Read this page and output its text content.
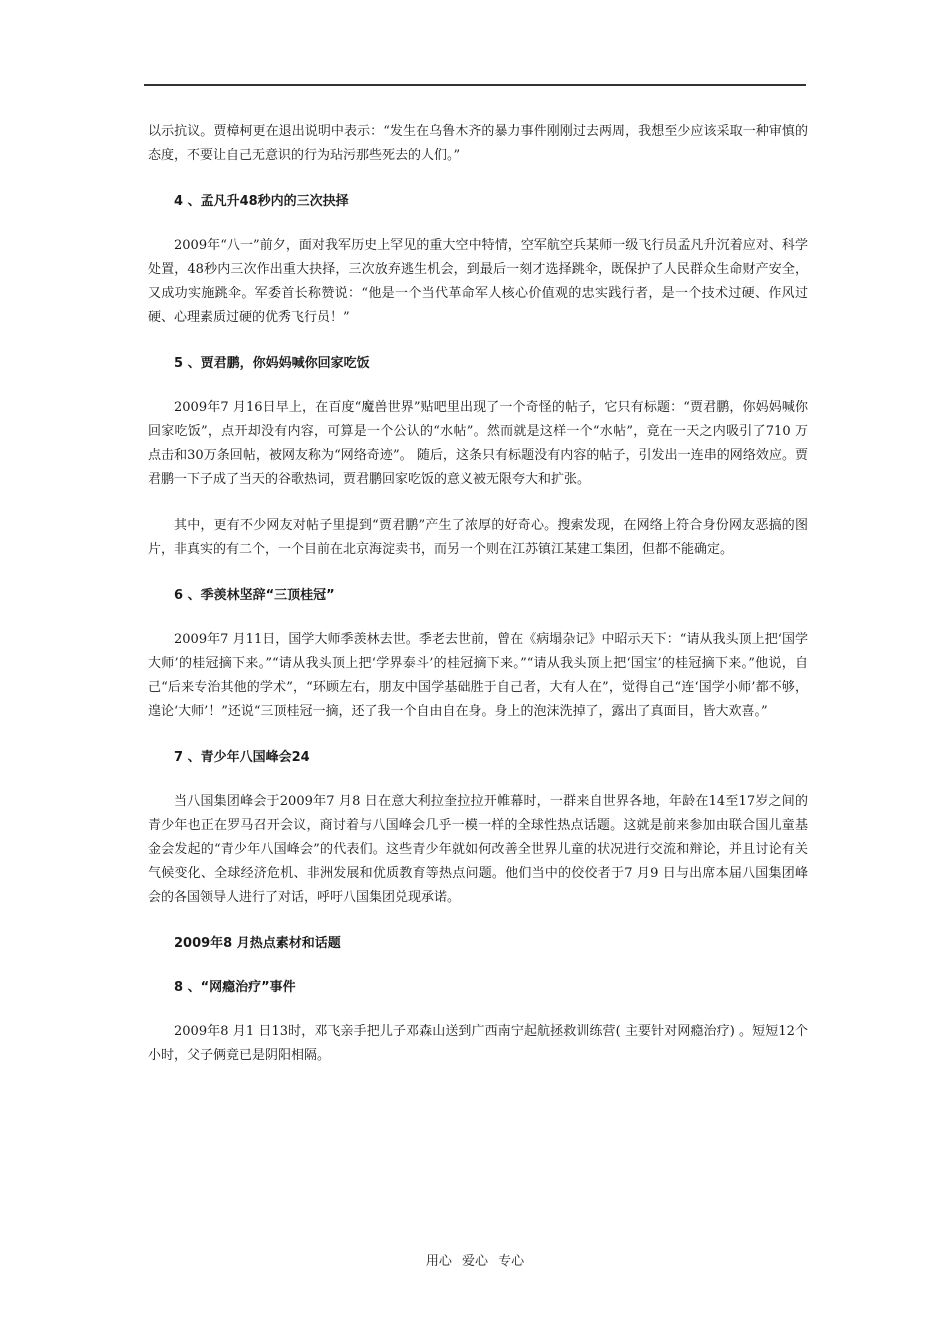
以示抗议。贾樟柯更在退出说明中表示：“发生在乌鲁木齐的暴力事件刚刚过去两周，我想至少应该采取一种审慎的态度，不要让自己无意识的行为玷污那些死去的人们。”

4 、孟凡升48秒内的三次抉择

2009年“八一”前夕，面对我军历史上罕见的重大空中特情，空军航空兵某师一级飞行员孟凡升沉着应对、科学处置，48秒内三次作出重大抉择，三次放弃逃生机会，到最后一刻才选择跳伞，既保护了人民群众生命财产安全，又成功实施跳伞。军委首长称赞说：“他是一个当代革命军人核心价值观的忠实践行者，是一个技术过硬、作风过硬、心理素质过硬的优秀飞行员！”

5 、贾君鹏，你妈妈喊你回家吃饭

2009年7 月16日早上，在百度“魔兽世界”贴吧里出现了一个奇怪的帖子，它只有标题：“贾君鹏，你妈妈喊你回家吃饭”，点开却没有内容，可算是一个公认的“水帖”。然而就是这样一个“水帖”，竟在一天之内吸引了710 万点击和30万条回帖，被网友称为“网络奇迹”。 随后，这条只有标题没有内容的帖子，引发出一连串的网络效应。贾君鹏一下子成了当天的谷歌热词，贾君鹏回家吃饭的意义被无限夸大和扩张。

其中，更有不少网友对帖子里提到“贾君鹏”产生了浓厚的好奇心。搜索发现，在网络上符合身份网友恶搞的图片，非真实的有二个，一个目前在北京海淀卖书，而另一个则在江苏镇江某建工集团，但都不能确定。

6 、季羡林坚辞“三顶桂冠”

2009年7 月11日，国学大师季羡林去世。季老去世前，曾在《病塌杂记》中昭示天下：“请从我头顶上把‘国学大师’的桂冠摘下来。”“请从我头顶上把‘学界泰斗’的桂冠摘下来。”“请从我头顶上把‘国宝’的桂冠摘下来。”他说，自己“后来专治其他的学术”，“环顾左右，朋友中国学基础胜于自己者，大有人在”，觉得自己“连‘国学小师’都不够，遑论‘大师’！”还说“三顶桂冠一摘，还了我一个自由自在身。身上的泡沫洗掉了，露出了真面目，皆大欢喜。”

7 、青少年八国峰会24

当八国集团峰会于2009年7 月8 日在意大利拉奎拉拉开帷幕时，一群来自世界各地，年龄在14至17岁之间的青少年也正在罗马召开会议，商讨着与八国峰会几乎一模一样的全球性热点话题。这就是前来参加由联合国儿童基金会发起的“青少年八国峰会”的代表们。这些青少年就如何改善全世界儿童的状况进行交流和辩论，并且讨论有关气候变化、全球经济危机、非洲发展和优质教育等热点问题。他们当中的佼佼者于7 月9 日与出席本届八国集团峰会的各国领导人进行了对话，呼吁八国集团兑现承诺。

2009年8 月热点素材和话题

8 、“网瘾治疗”事件

2009年8 月1 日13时，邓飞亲手把儿子邓森山送到广西南宁起航拯救训练营( 主要针对网瘾治疗) 。短短12个小时，父子俩竟已是阴阳相隔。

用心 爱心 专心
